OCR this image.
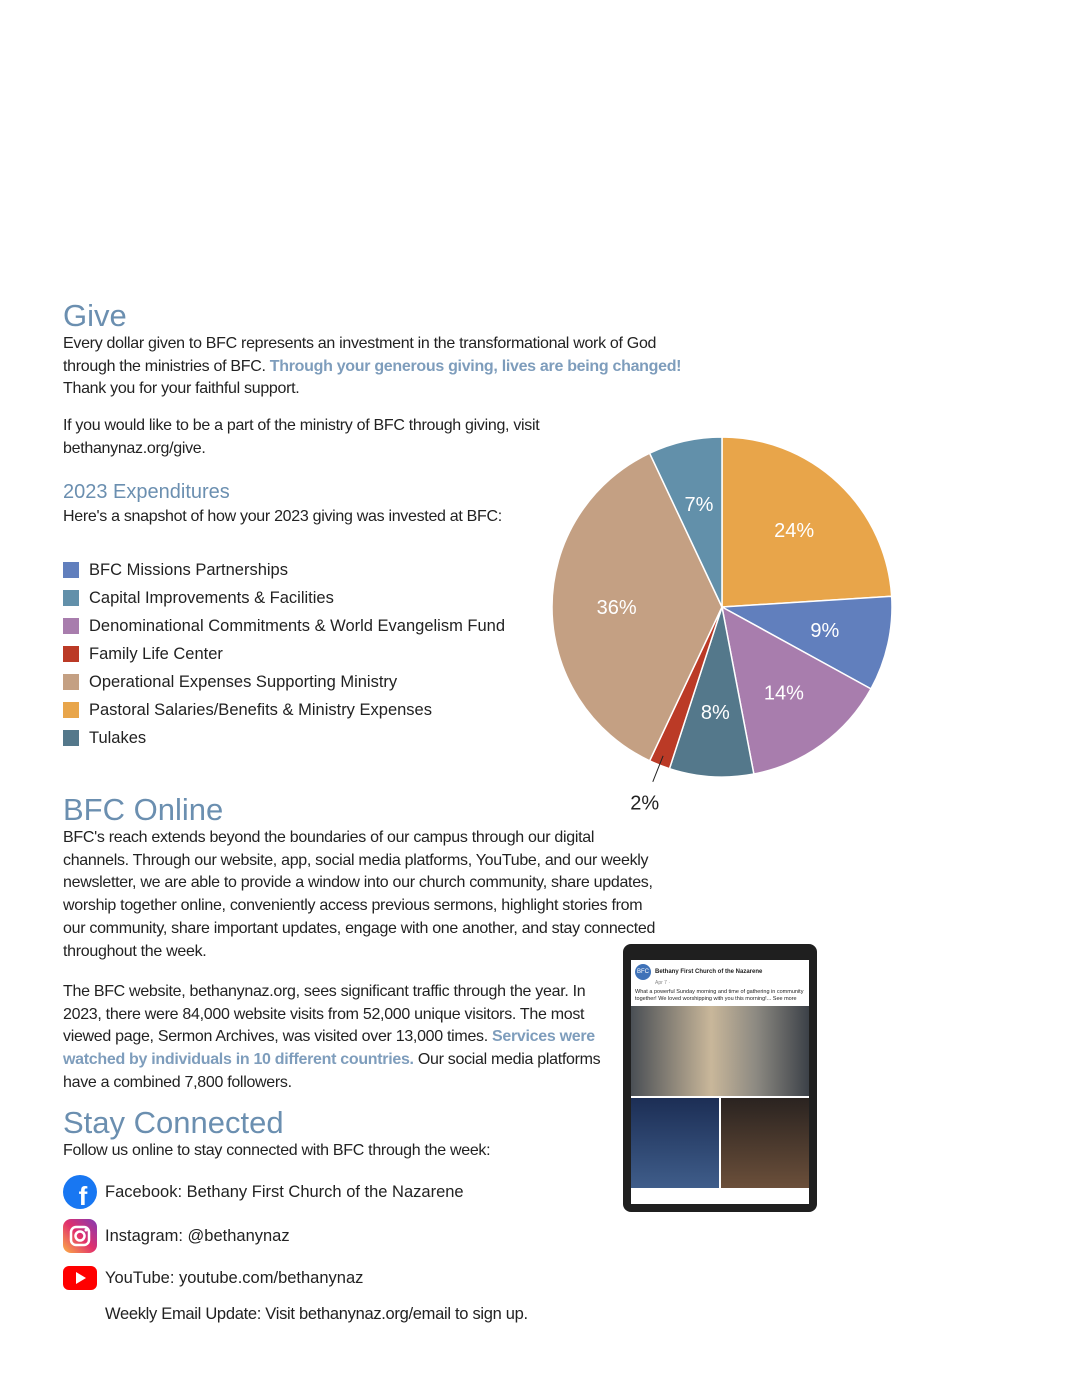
Give

Every dollar given to BFC represents an investment in the transformational work of God through the ministries of BFC. Through your generous giving, lives are being changed! Thank you for your faithful support.

If you would like to be a part of the ministry of BFC through giving, visit bethanynaz.org/give.

2023 Expenditures

Here's a snapshot of how your 2023 giving was invested at BFC:

BFC Missions Partnerships
Capital Improvements & Facilities
Denominational Commitments & World Evangelism Fund
Family Life Center
Operational Expenses Supporting Ministry
Pastoral Salaries/Benefits & Ministry Expenses
Tulakes
24%
9%
14%
8%
2%
36%
7%
BFC Online

BFC's reach extends beyond the boundaries of our campus through our digital channels. Through our website, app, social media platforms, YouTube, and our weekly newsletter, we are able to provide a window into our church community, share updates, worship together online, conveniently access previous sermons, highlight stories from our community, share important updates, engage with one another, and stay connected throughout the week.

The BFC website, bethanynaz.org, sees significant traffic through the year. In 2023, there were 84,000 website visits from 52,000 unique visitors. The most viewed page, Sermon Archives, was visited over 13,000 times. Services were watched by individuals in 10 different countries. Our social media platforms have a combined 7,800 followers.

BFC	Bethany First Church of the Nazarene
Apr 7 ·
What a powerful Sunday morning and time of gathering in community together! We loved worshipping with you this morning!... See more
Stay Connected

Follow us online to stay connected with BFC through the week:

f Facebook: Bethany First Church of the Nazarene
Instagram: @bethanynaz
YouTube: youtube.com/bethanynaz

Weekly Email Update: Visit bethanynaz.org/email to sign up.
